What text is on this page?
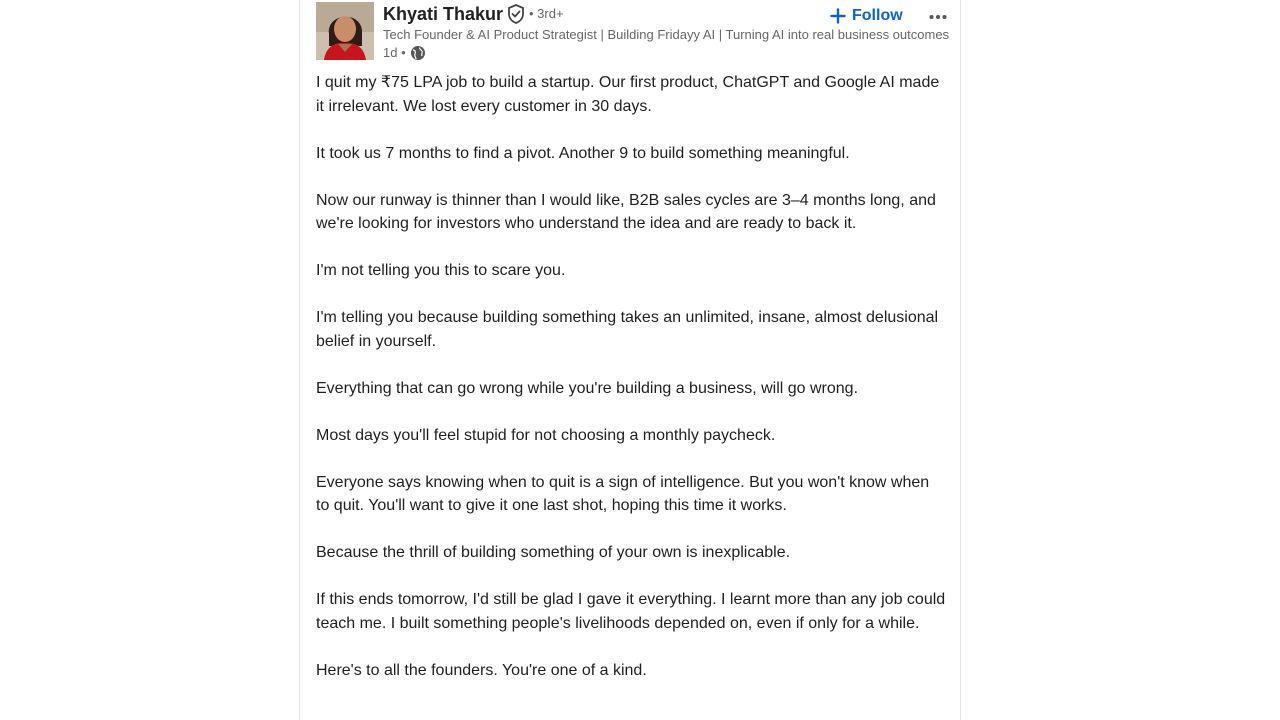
Khyati Thakur • 3rd+
Tech Founder & AI Product Strategist | Building Fridayy AI | Turning AI into real business outcomes
1d •
Follow

I quit my ₹75 LPA job to build a startup. Our first product, ChatGPT and Google AI made it irrelevant. We lost every customer in 30 days.

It took us 7 months to find a pivot. Another 9 to build something meaningful.

Now our runway is thinner than I would like, B2B sales cycles are 3–4 months long, and we're looking for investors who understand the idea and are ready to back it.

I'm not telling you this to scare you.

I'm telling you because building something takes an unlimited, insane, almost delusional belief in yourself.

Everything that can go wrong while you're building a business, will go wrong.

Most days you'll feel stupid for not choosing a monthly paycheck.

Everyone says knowing when to quit is a sign of intelligence. But you won't know when to quit. You'll want to give it one last shot, hoping this time it works.

Because the thrill of building something of your own is inexplicable.

If this ends tomorrow, I'd still be glad I gave it everything. I learnt more than any job could teach me. I built something people's livelihoods depended on, even if only for a while.

Here's to all the founders. You're one of a kind.
